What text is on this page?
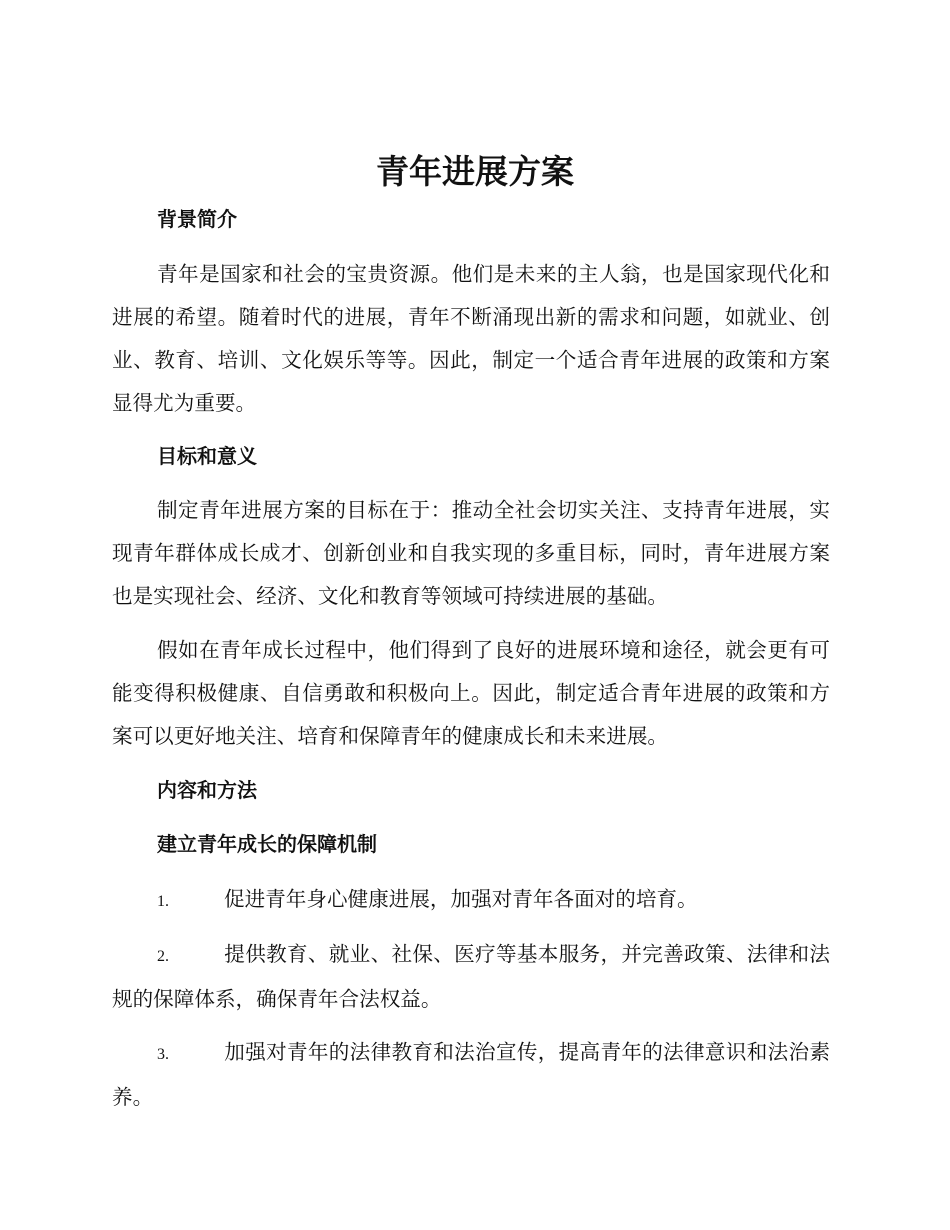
青年进展方案
背景简介

青年是国家和社会的宝贵资源。他们是未来的主人翁，也是国家现代化和进展的希望。随着时代的进展，青年不断涌现出新的需求和问题，如就业、创业、教育、培训、文化娱乐等等。因此，制定一个适合青年进展的政策和方案显得尤为重要。

目标和意义

制定青年进展方案的目标在于：推动全社会切实关注、支持青年进展，实现青年群体成长成才、创新创业和自我实现的多重目标，同时，青年进展方案也是实现社会、经济、文化和教育等领域可持续进展的基础。

假如在青年成长过程中，他们得到了良好的进展环境和途径，就会更有可能变得积极健康、自信勇敢和积极向上。因此，制定适合青年进展的政策和方案可以更好地关注、培育和保障青年的健康成长和未来进展。

内容和方法
建立青年成长的保障机制

1.	促进青年身心健康进展，加强对青年各面对的培育。

2.	提供教育、就业、社保、医疗等基本服务，并完善政策、法律和法规的保障体系，确保青年合法权益。

3.	加强对青年的法律教育和法治宣传，提高青年的法律意识和法治素养。
